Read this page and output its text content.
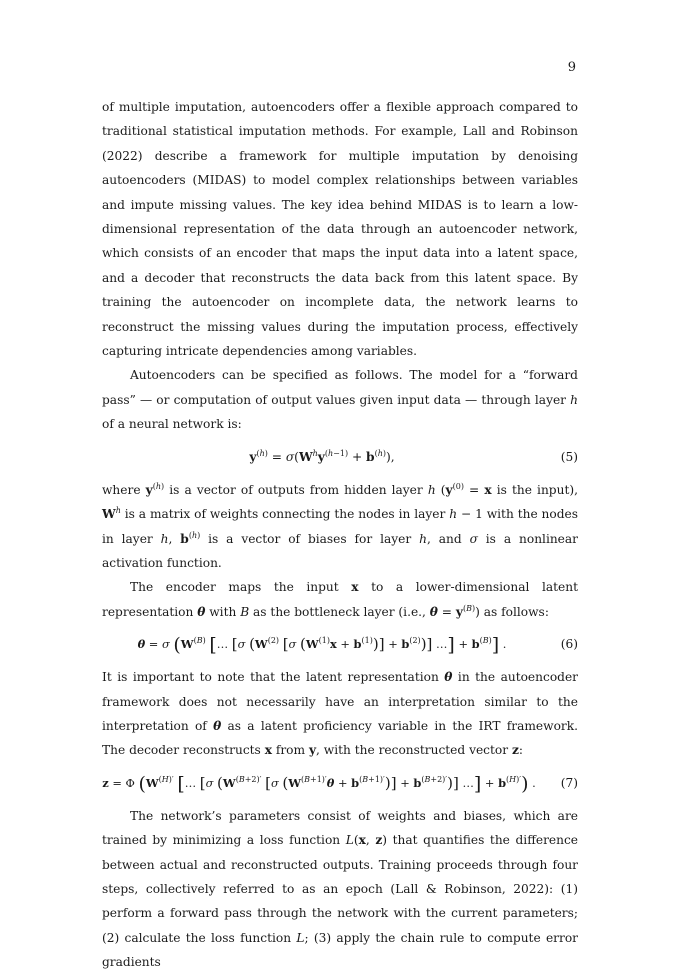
9

of multiple imputation, autoencoders offer a flexible approach compared to traditional statistical imputation methods. For example, Lall and Robinson (2022) describe a framework for multiple imputation by denoising autoencoders (MIDAS) to model complex relationships between variables and impute missing values. The key idea behind MIDAS is to learn a low-dimensional representation of the data through an autoencoder network, which consists of an encoder that maps the input data into a latent space, and a decoder that reconstructs the data back from this latent space. By training the autoencoder on incomplete data, the network learns to reconstruct the missing values during the imputation process, effectively capturing intricate dependencies among variables.

Autoencoders can be specified as follows. The model for a “forward pass” — or computation of output values given input data — through layer h of a neural network is:

$y^{(h)} = \sigma(W^hy^{(h-1)} + b^{(h)})$,	(5)

where $y^{(h)}$ is a vector of outputs from hidden layer h ($y^{(0)} = x$ is the input), $W^h$ is a matrix of weights connecting the nodes in layer h − 1 with the nodes in layer h, $b^{(h)}$ is a vector of biases for layer h, and σ is a nonlinear activation function.

The encoder maps the input x to a lower-dimensional latent representation θ with B as the bottleneck layer (i.e., $\theta = y^{(B)}$) as follows:

θ = σ ($W^{(B)}$ [… [σ ($W^{(2)}$ [σ $(W^{(1)}x + b^{(1)})] + b^{(2)}$)] …] + $b^{(B)}$] .	(6)

It is important to note that the latent representation θ in the autoencoder framework does not necessarily have an interpretation similar to the interpretation of θ as a latent proficiency variable in the IRT framework. The decoder reconstructs x from y, with the reconstructed vector z:

z = Φ ($W^{(H)'}$ [… [σ ($W^{(B+2)'}$ [σ $(W^{(B+1)'}\theta + b^{(B+1)'})] + b^{(B+2)'}$)] …] + $b^{(H)'}$) .	(7)

The network’s parameters consist of weights and biases, which are trained by minimizing a loss function L(x, z) that quantifies the difference between actual and reconstructed outputs. Training proceeds through four steps, collectively referred to as an epoch (Lall & Robinson, 2022): (1) perform a forward pass through the network with the current parameters; (2) calculate the loss function L; (3) apply the chain rule to compute error gradients
